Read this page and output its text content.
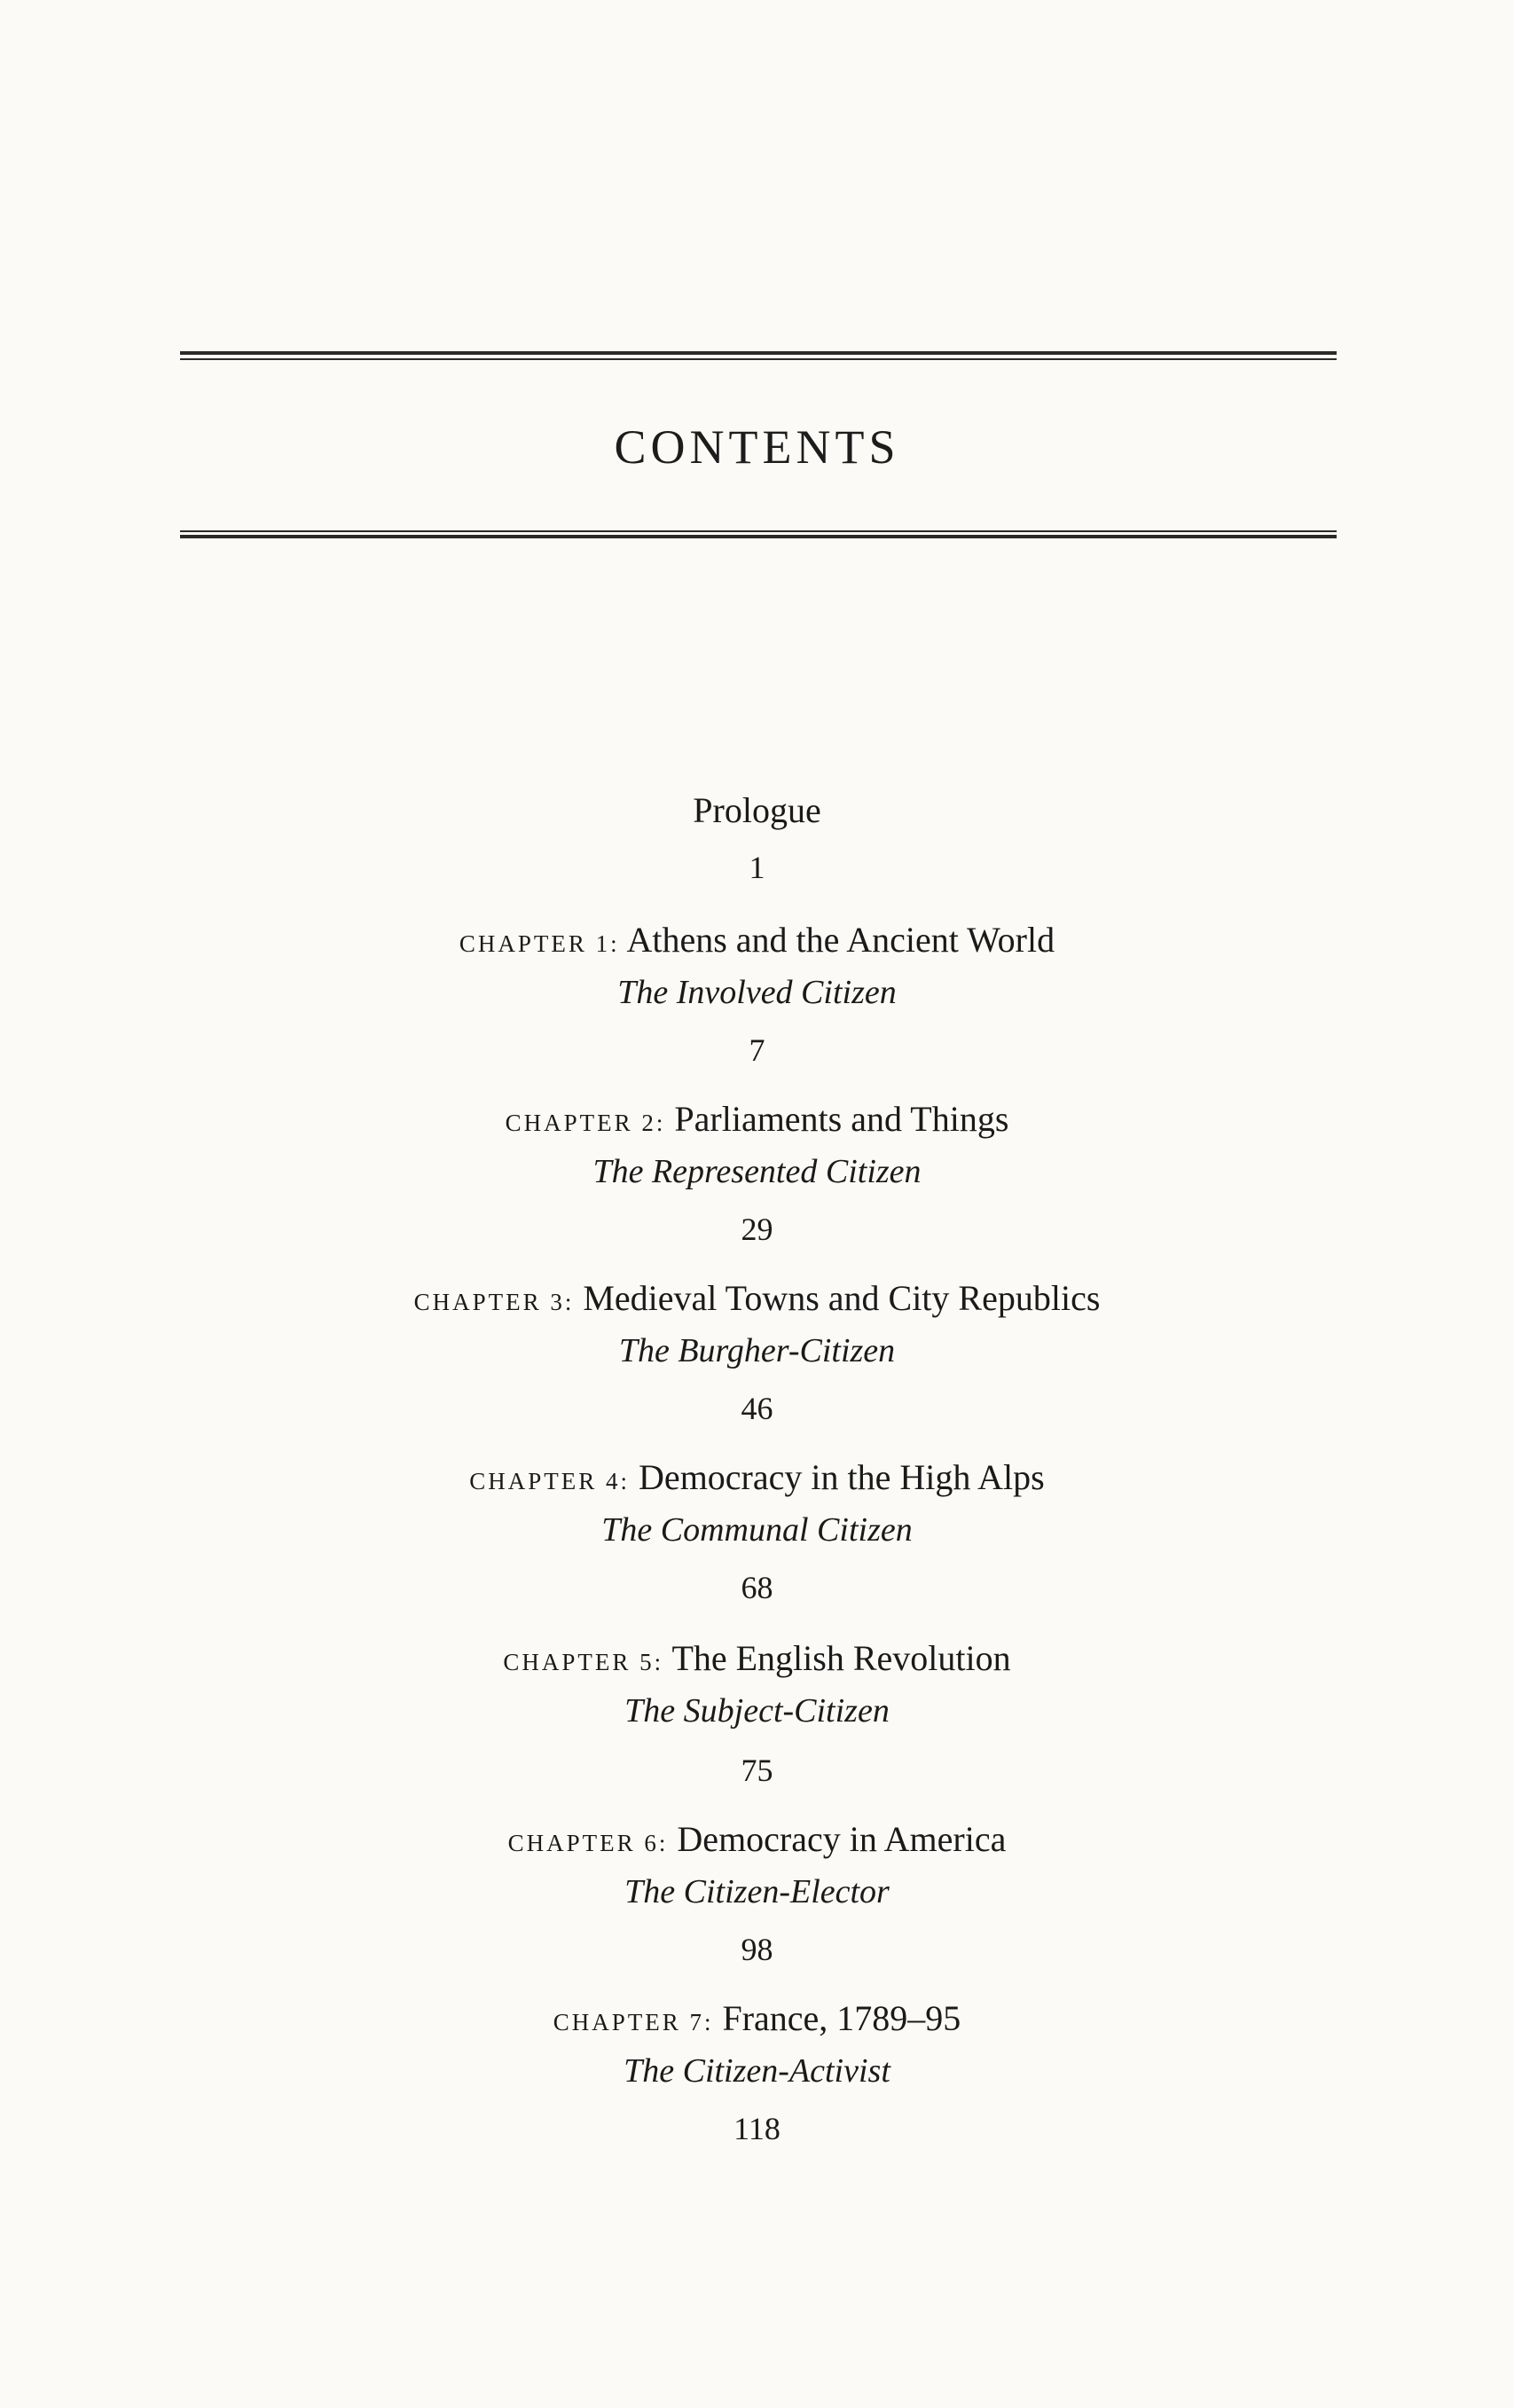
CONTENTS
Prologue
1
CHAPTER 1: Athens and the Ancient World
The Involved Citizen
7
CHAPTER 2: Parliaments and Things
The Represented Citizen
29
CHAPTER 3: Medieval Towns and City Republics
The Burgher-Citizen
46
CHAPTER 4: Democracy in the High Alps
The Communal Citizen
68
CHAPTER 5: The English Revolution
The Subject-Citizen
75
CHAPTER 6: Democracy in America
The Citizen-Elector
98
CHAPTER 7: France, 1789–95
The Citizen-Activist
118
